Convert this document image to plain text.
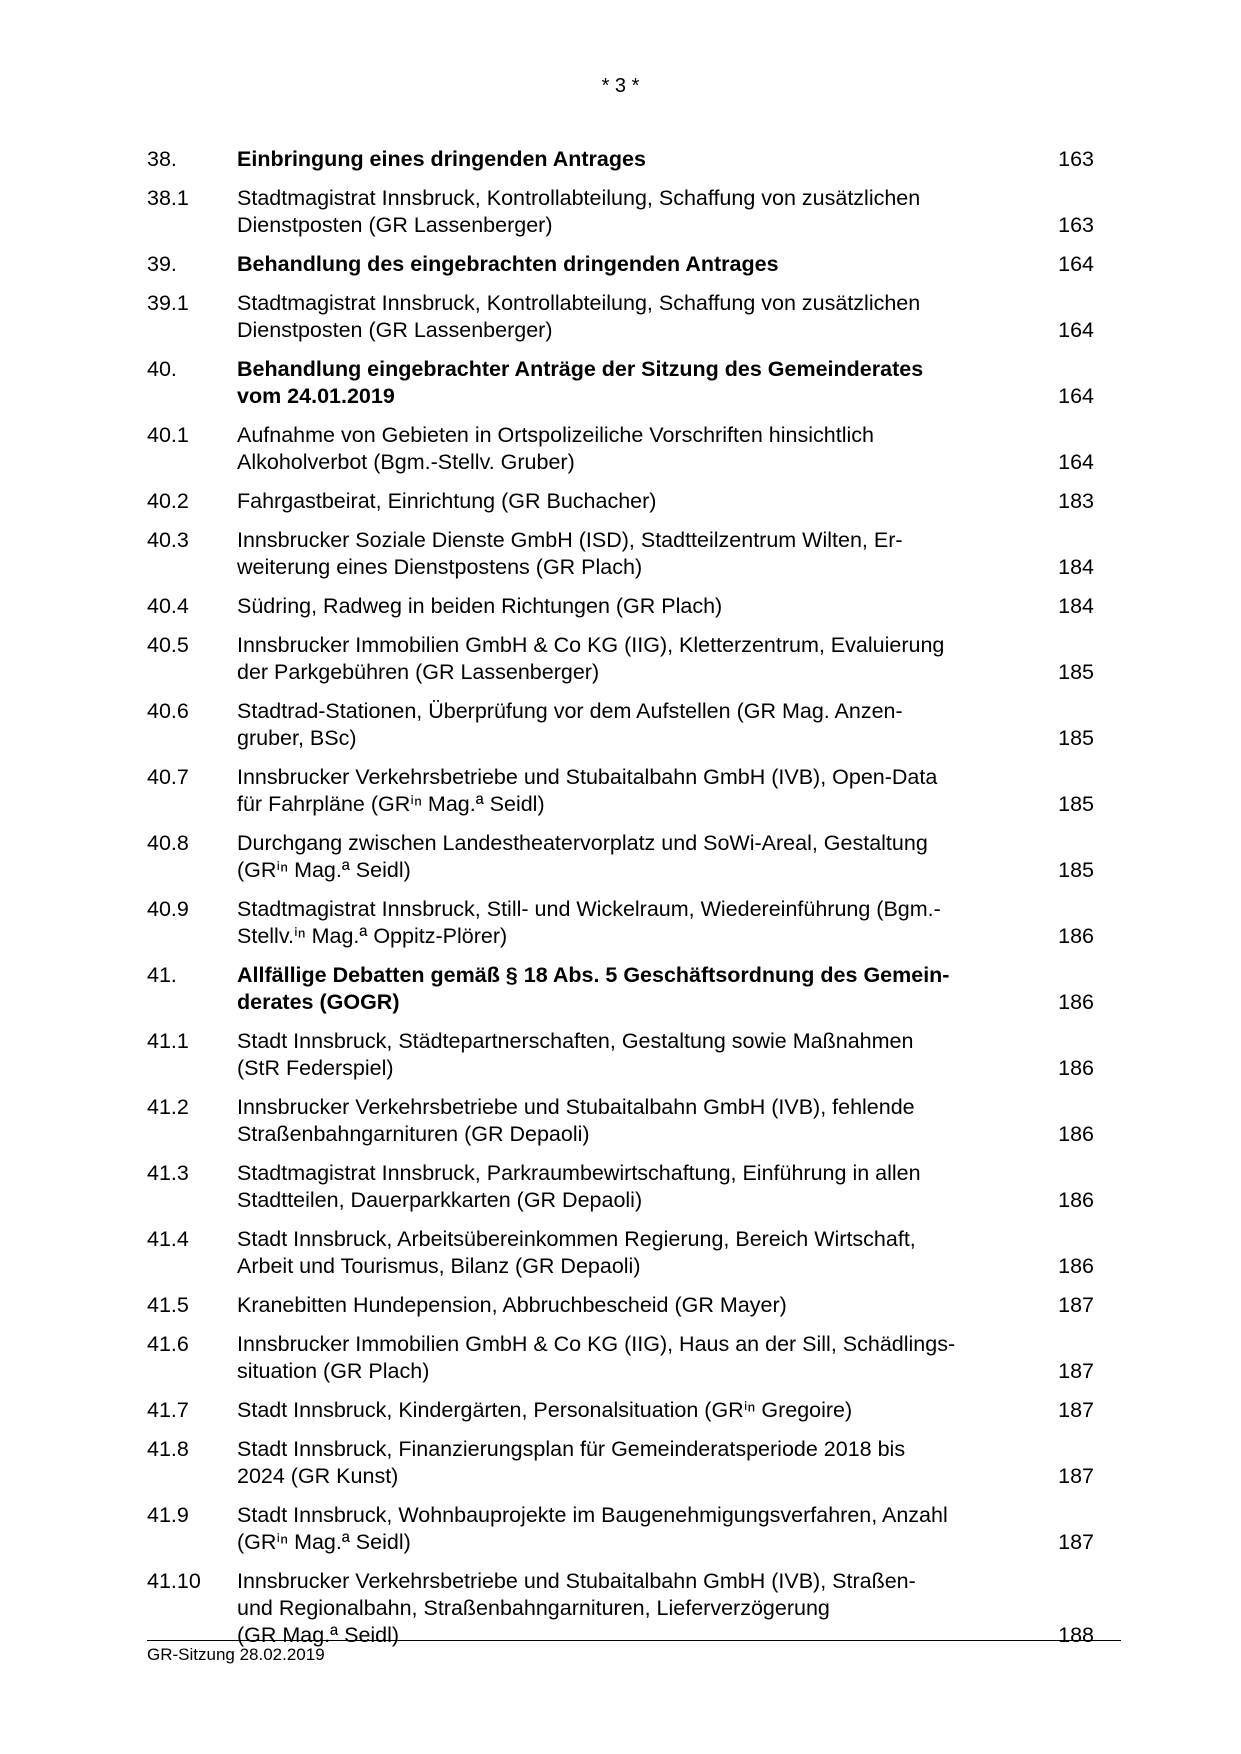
* 3 *
38.	Einbringung eines dringenden Antrages	163
38.1	Stadtmagistrat Innsbruck, Kontrollabteilung, Schaffung von zusätzlichen
Dienstposten (GR Lassenberger)	163
39.	Behandlung des eingebrachten dringenden Antrages	164
39.1	Stadtmagistrat Innsbruck, Kontrollabteilung, Schaffung von zusätzlichen
Dienstposten (GR Lassenberger)	164
40.	Behandlung eingebrachter Anträge der Sitzung des Gemeinderates
vom 24.01.2019	164
40.1	Aufnahme von Gebieten in Ortspolizeiliche Vorschriften hinsichtlich
Alkoholverbot (Bgm.-Stellv. Gruber)	164
40.2	Fahrgastbeirat, Einrichtung (GR Buchacher)	183
40.3	Innsbrucker Soziale Dienste GmbH (ISD), Stadtteilzentrum Wilten, Er-
weiterung eines Dienstpostens (GR Plach)	184
40.4	Südring, Radweg in beiden Richtungen (GR Plach)	184
40.5	Innsbrucker Immobilien GmbH & Co KG (IIG), Kletterzentrum, Evaluierung
der Parkgebühren (GR Lassenberger)	185
40.6	Stadtrad-Stationen, Überprüfung vor dem Aufstellen (GR Mag. Anzen-
gruber, BSc)	185
40.7	Innsbrucker Verkehrsbetriebe und Stubaitalbahn GmbH (IVB), Open-Data
für Fahrpläne (GRⁱⁿ Mag.ª Seidl)	185
40.8	Durchgang zwischen Landestheatervorplatz und SoWi-Areal, Gestaltung
(GRⁱⁿ Mag.ª Seidl)	185
40.9	Stadtmagistrat Innsbruck, Still- und Wickelraum, Wiedereinführung (Bgm.-
Stellv.ⁱⁿ Mag.ª Oppitz-Plörer)	186
41.	Allfällige Debatten gemäß § 18 Abs. 5 Geschäftsordnung des Gemein-
derates (GOGR)	186
41.1	Stadt Innsbruck, Städtepartnerschaften, Gestaltung sowie Maßnahmen
(StR Federspiel)	186
41.2	Innsbrucker Verkehrsbetriebe und Stubaitalbahn GmbH (IVB), fehlende
Straßenbahngarnituren (GR Depaoli)	186
41.3	Stadtmagistrat Innsbruck, Parkraumbewirtschaftung, Einführung in allen
Stadtteilen, Dauerparkkarten (GR Depaoli)	186
41.4	Stadt Innsbruck, Arbeitsübereinkommen Regierung, Bereich Wirtschaft,
Arbeit und Tourismus, Bilanz (GR Depaoli)	186
41.5	Kranebitten Hundepension, Abbruchbescheid (GR Mayer)	187
41.6	Innsbrucker Immobilien GmbH & Co KG (IIG), Haus an der Sill, Schädlings-
situation (GR Plach)	187
41.7	Stadt Innsbruck, Kindergärten, Personalsituation (GRⁱⁿ Gregoire)	187
41.8	Stadt Innsbruck, Finanzierungsplan für Gemeinderatsperiode 2018 bis
2024 (GR Kunst)	187
41.9	Stadt Innsbruck, Wohnbauprojekte im Baugenehmigungsverfahren, Anzahl
(GRⁱⁿ Mag.ª Seidl)	187
41.10	Innsbrucker Verkehrsbetriebe und Stubaitalbahn GmbH (IVB), Straßen-
und Regionalbahn, Straßenbahngarnituren, Lieferverzögerung
(GR Mag.ª Seidl)	188
GR-Sitzung 28.02.2019
